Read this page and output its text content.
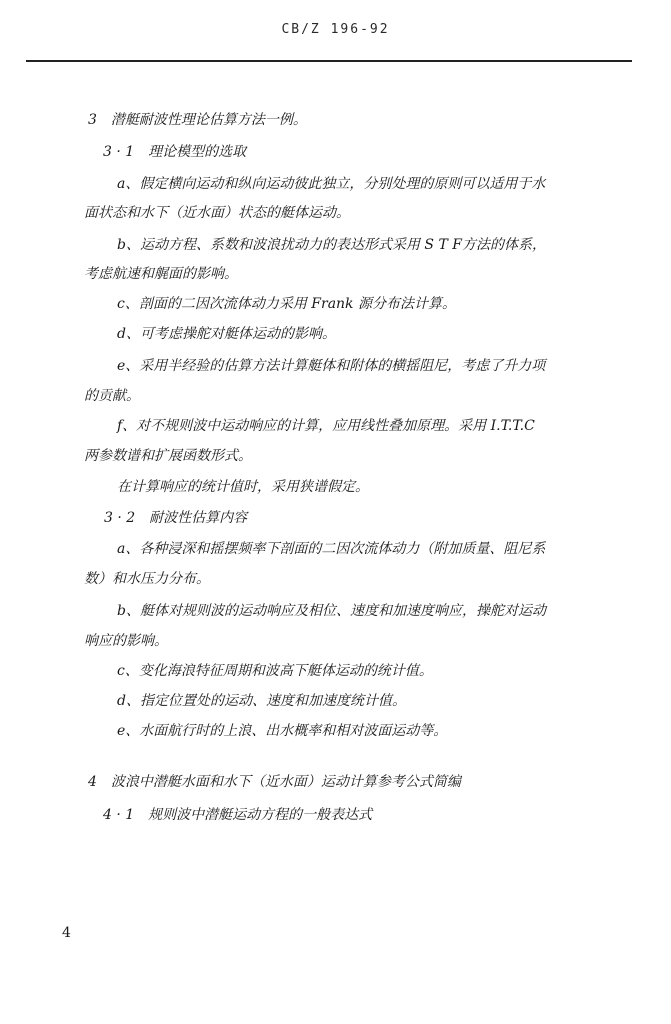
CB/Z 196-92
3　潜艇耐波性理论估算方法一例。
3 · 1　理论模型的选取
a、假定横向运动和纵向运动彼此独立，分别处理的原则可以适用于水
面状态和水下（近水面）状态的艇体运动。
b、运动方程、系数和波浪扰动力的表达形式采用 S T F方法的体系，
考虑航速和艉面的影响。
c、剖面的二因次流体动力采用 Frank 源分布法计算。
d、可考虑操舵对艇体运动的影响。
e、采用半经验的估算方法计算艇体和附体的横摇阻尼，考虑了升力项
的贡献。
f、对不规则波中运动响应的计算，应用线性叠加原理。采用 I.T.T.C
两参数谱和扩展函数形式。
在计算响应的统计值时，采用狭谱假定。
3 · 2　耐波性估算内容
a、各种浸深和摇摆频率下剖面的二因次流体动力（附加质量、阻尼系
数）和水压力分布。
b、艇体对规则波的运动响应及相位、速度和加速度响应，操舵对运动
响应的影响。
c、变化海浪特征周期和波高下艇体运动的统计值。
d、指定位置处的运动、速度和加速度统计值。
e、水面航行时的上浪、出水概率和相对波面运动等。
4　波浪中潜艇水面和水下（近水面）运动计算参考公式简编
4 · 1　规则波中潜艇运动方程的一般表达式
4
